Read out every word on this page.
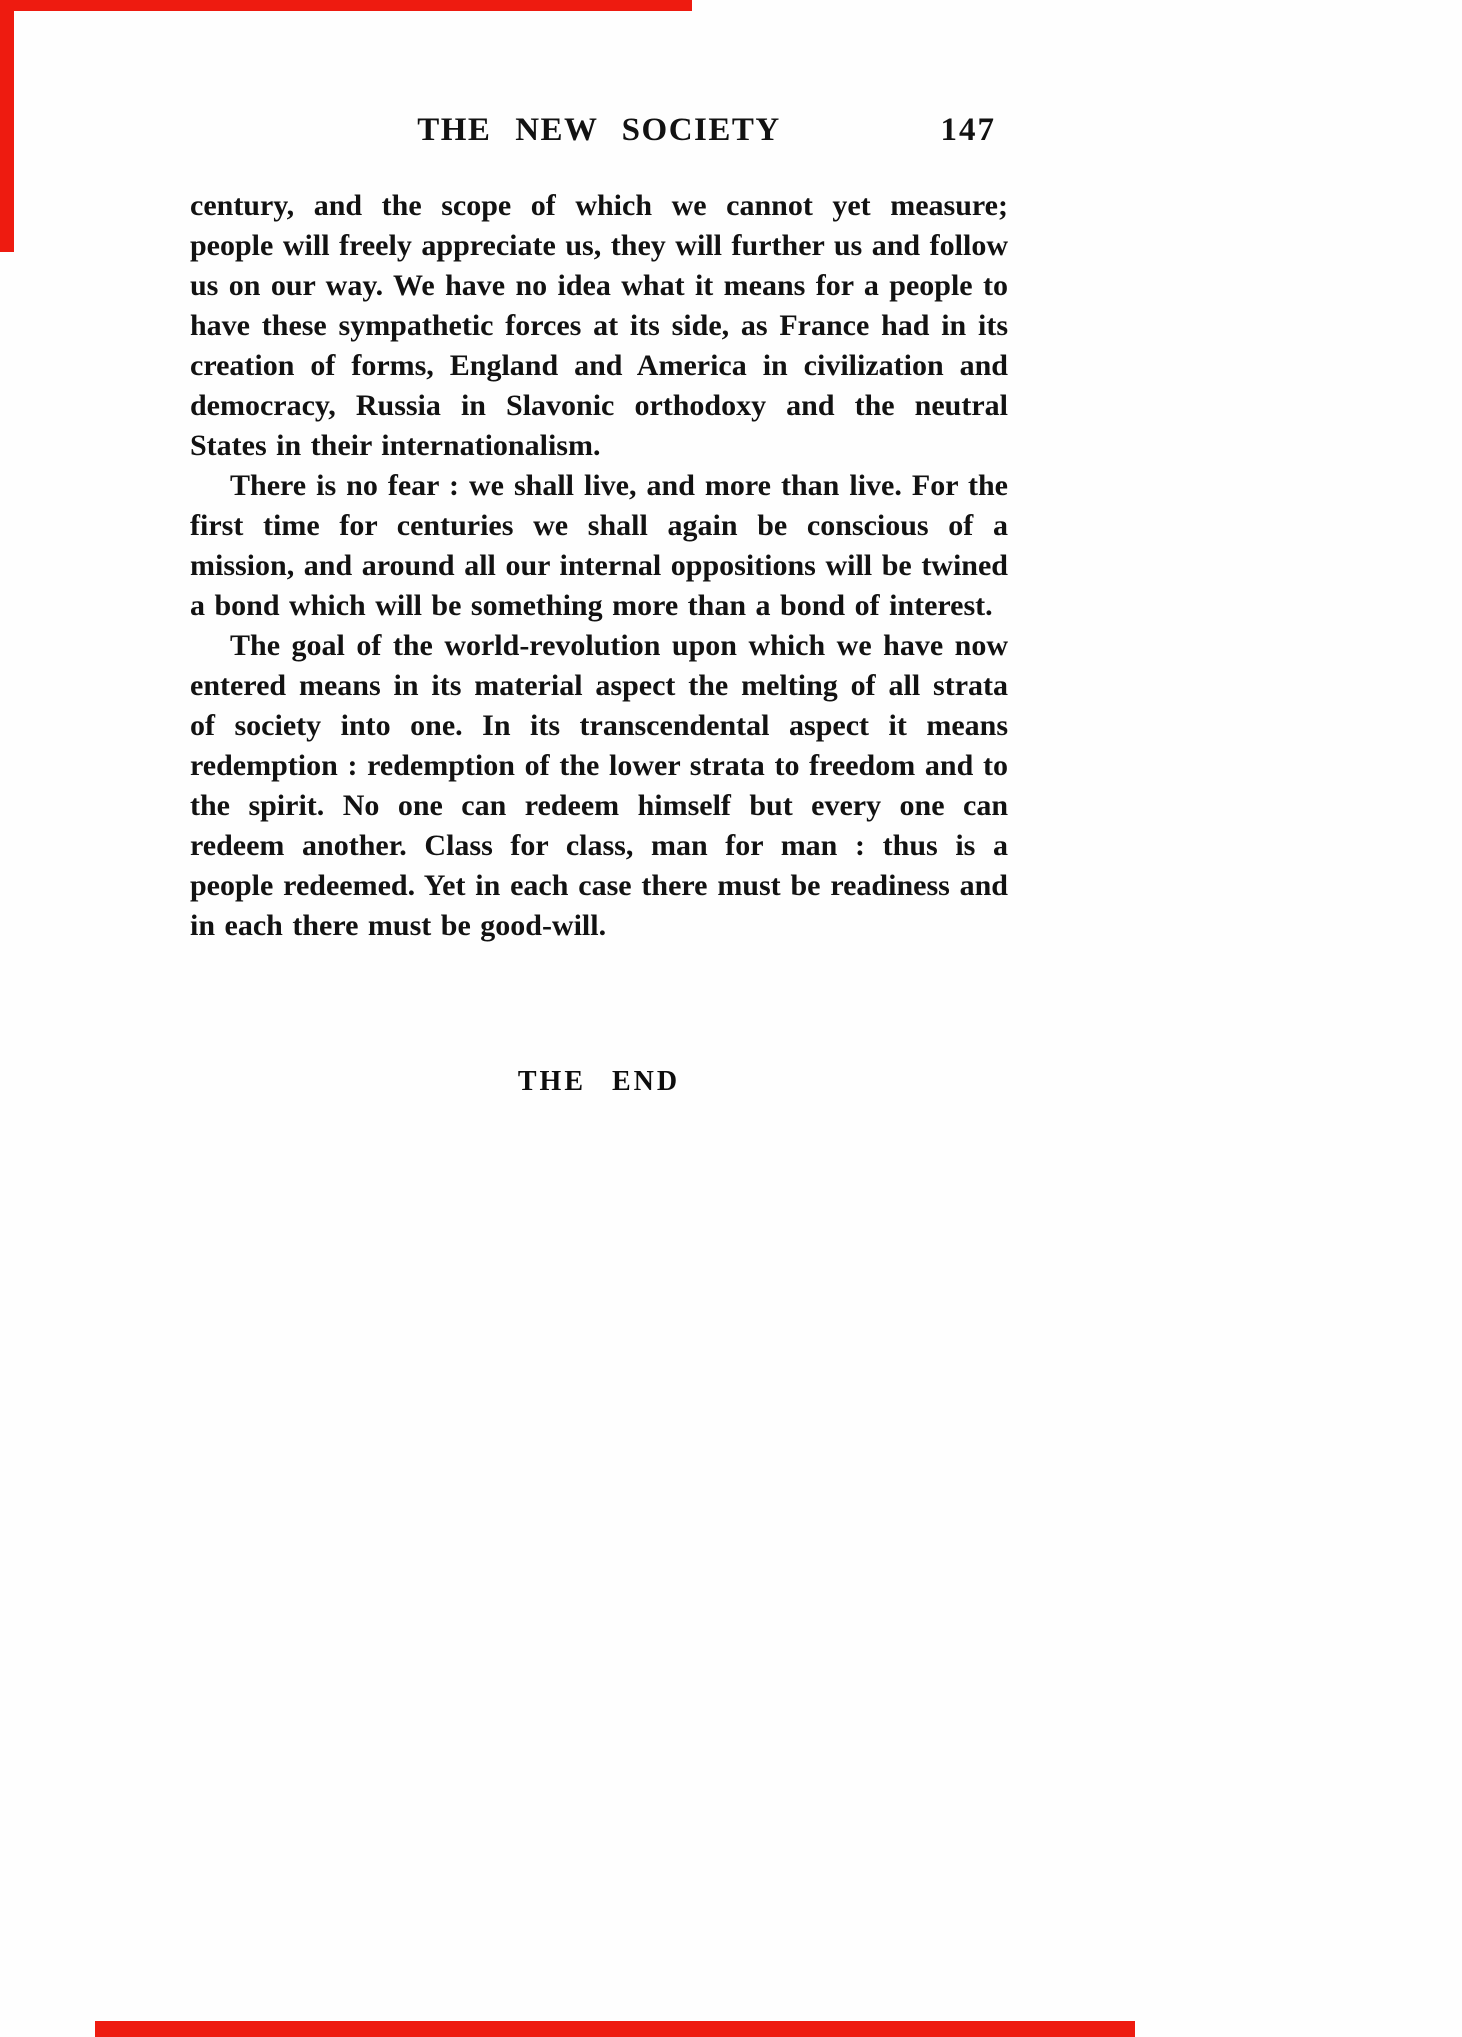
THE NEW SOCIETY	147

century, and the scope of which we cannot yet measure; people will freely appreciate us, they will further us and follow us on our way. We have no idea what it means for a people to have these sympathetic forces at its side, as France had in its creation of forms, England and America in civilization and democracy, Russia in Slavonic orthodoxy and the neutral States in their internationalism.

There is no fear : we shall live, and more than live. For the first time for centuries we shall again be conscious of a mission, and around all our internal oppositions will be twined a bond which will be something more than a bond of interest.

The goal of the world-revolution upon which we have now entered means in its material aspect the melting of all strata of society into one. In its transcendental aspect it means redemption : redemption of the lower strata to freedom and to the spirit. No one can redeem himself but every one can redeem another. Class for class, man for man : thus is a people redeemed. Yet in each case there must be readiness and in each there must be good-will.

THE END
